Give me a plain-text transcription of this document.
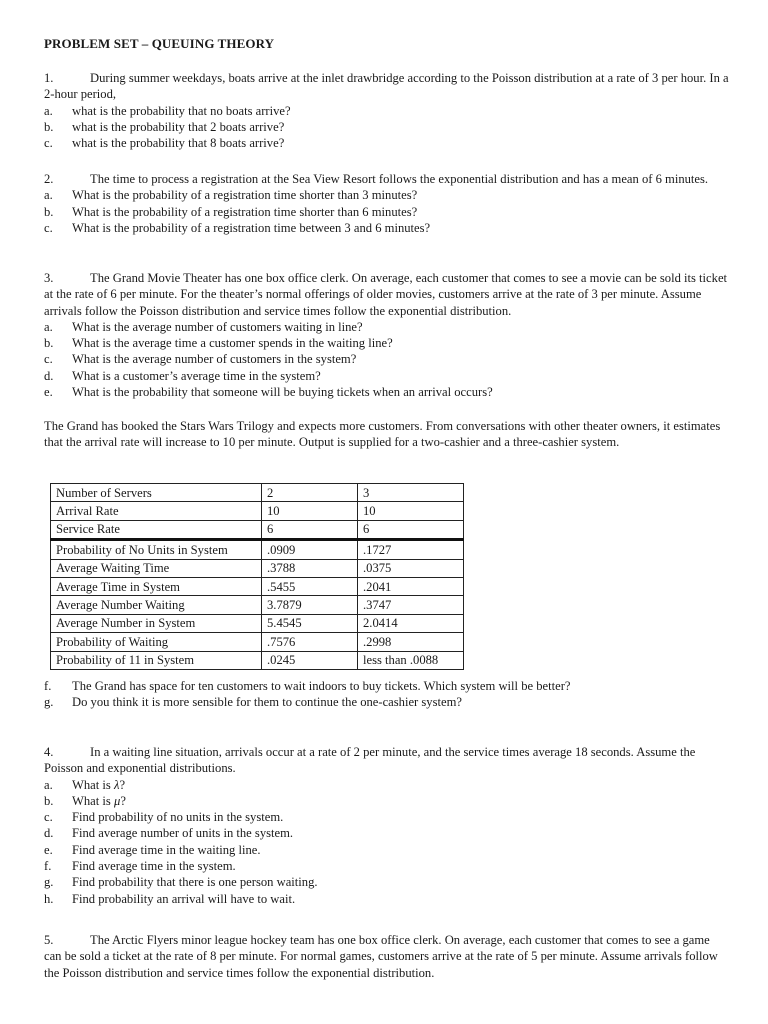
PROBLEM SET – QUEUING THEORY

1.	During summer weekdays, boats arrive at the inlet drawbridge according to the Poisson distribution at a rate of 3 per hour. In a 2-hour period,

a. what is the probability that no boats arrive?
b. what is the probability that 2 boats arrive?
c. what is the probability that 8 boats arrive?

2.	The time to process a registration at the Sea View Resort follows the exponential distribution and has a mean of 6 minutes.

a. What is the probability of a registration time shorter than 3 minutes?
b. What is the probability of a registration time shorter than 6 minutes?
c. What is the probability of a registration time between 3 and 6 minutes?

3.	The Grand Movie Theater has one box office clerk. On average, each customer that comes to see a movie can be sold its ticket at the rate of 6 per minute. For the theater’s normal offerings of older movies, customers arrive at the rate of 3 per minute. Assume arrivals follow the Poisson distribution and service times follow the exponential distribution.

a. What is the average number of customers waiting in line?
b. What is the average time a customer spends in the waiting line?
c. What is the average number of customers in the system?
d. What is a customer’s average time in the system?
e. What is the probability that someone will be buying tickets when an arrival occurs?

The Grand has booked the Stars Wars Trilogy and expects more customers. From conversations with other theater owners, it estimates that the arrival rate will increase to 10 per minute. Output is supplied for a two-cashier and a three-cashier system.

Number of Servers	2	3
Arrival Rate	10	10
Service Rate	6	6
Probability of No Units in System	.0909	.1727
Average Waiting Time	.3788	.0375
Average Time in System	.5455	.2041
Average Number Waiting	3.7879	.3747
Average Number in System	5.4545	2.0414
Probability of Waiting	.7576	.2998
Probability of 11 in System	.0245	less than .0088
f. The Grand has space for ten customers to wait indoors to buy tickets. Which system will be better?
g. Do you think it is more sensible for them to continue the one-cashier system?

4.	In a waiting line situation, arrivals occur at a rate of 2 per minute, and the service times average 18 seconds. Assume the Poisson and exponential distributions.

a. What is λ?
b. What is μ?
c. Find probability of no units in the system.
d. Find average number of units in the system.
e. Find average time in the waiting line.
f. Find average time in the system.
g. Find probability that there is one person waiting.
h. Find probability an arrival will have to wait.

5.	The Arctic Flyers minor league hockey team has one box office clerk. On average, each customer that comes to see a game can be sold a ticket at the rate of 8 per minute. For normal games, customers arrive at the rate of 5 per minute. Assume arrivals follow the Poisson distribution and service times follow the exponential distribution.
